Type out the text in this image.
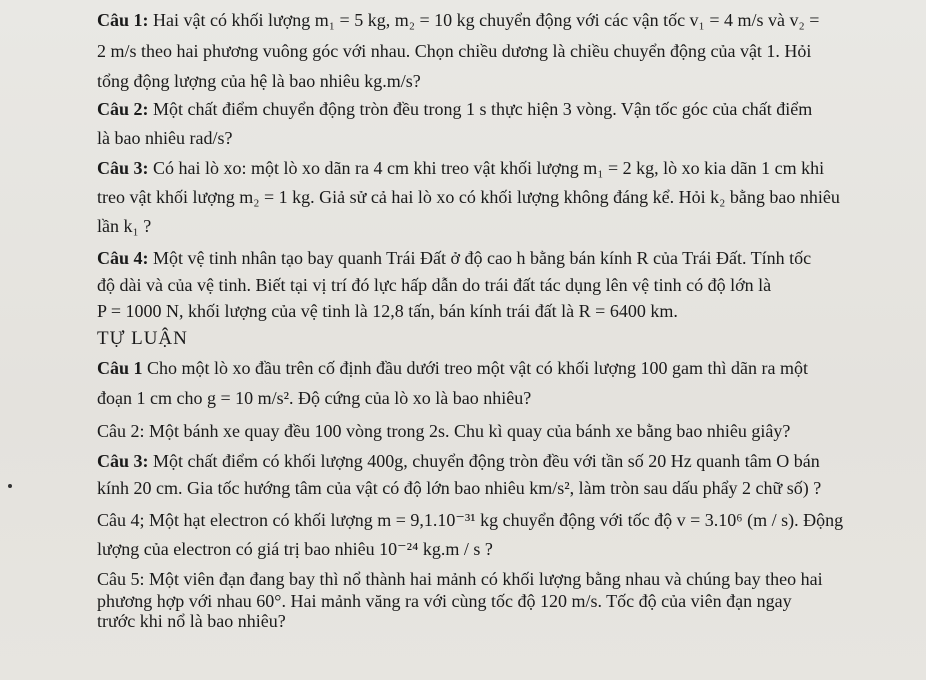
Câu 1: Hai vật có khối lượng m₁ = 5 kg, m₂ = 10 kg chuyển động với các vận tốc v₁ = 4 m/s và v₂ =
2 m/s theo hai phương vuông góc với nhau. Chọn chiều dương là chiều chuyển động của vật 1. Hỏi
tổng động lượng của hệ là bao nhiêu kg.m/s?
Câu 2: Một chất điểm chuyển động tròn đều trong 1 s thực hiện 3 vòng. Vận tốc góc của chất điểm
là bao nhiêu rad/s?
Câu 3: Có hai lò xo: một lò xo dãn ra 4 cm khi treo vật khối lượng m₁ = 2 kg, lò xo kia dãn 1 cm khi
treo vật khối lượng m₂ = 1 kg. Giả sử cả hai lò xo có khối lượng không đáng kể. Hỏi k₂ bằng bao nhiêu
lần k₁ ?
Câu 4: Một vệ tinh nhân tạo bay quanh Trái Đất ở độ cao h bằng bán kính R của Trái Đất. Tính tốc
độ dài và của vệ tinh. Biết tại vị trí đó lực hấp dẫn do trái đất tác dụng lên vệ tinh có độ lớn là
P = 1000 N, khối lượng của vệ tinh là 12,8 tấn, bán kính trái đất là R = 6400 km.
TỰ LUẬN
Câu 1 Cho một lò xo đầu trên cố định đầu dưới treo một vật có khối lượng 100 gam thì dãn ra một
đoạn 1 cm cho g = 10 m/s². Độ cứng của lò xo là bao nhiêu?
Câu 2: Một bánh xe quay đều 100 vòng trong 2s. Chu kì quay của bánh xe bằng bao nhiêu giây?
Câu 3: Một chất điểm có khối lượng 400g, chuyển động tròn đều với tần số 20 Hz quanh tâm O bán
kính 20 cm. Gia tốc hướng tâm của vật có độ lớn bao nhiêu km/s², làm tròn sau dấu phẩy 2 chữ số) ?
Câu 4; Một hạt electron có khối lượng m = 9,1.10⁻³¹ kg chuyển động với tốc độ v = 3.10⁶ (m / s). Động
lượng của electron có giá trị bao nhiêu 10⁻²⁴ kg.m / s ?
Câu 5: Một viên đạn đang bay thì nổ thành hai mảnh có khối lượng bằng nhau và chúng bay theo hai
phương hợp với nhau 60°. Hai mảnh văng ra với cùng tốc độ 120 m/s. Tốc độ của viên đạn ngay
trước khi nổ là bao nhiêu?
